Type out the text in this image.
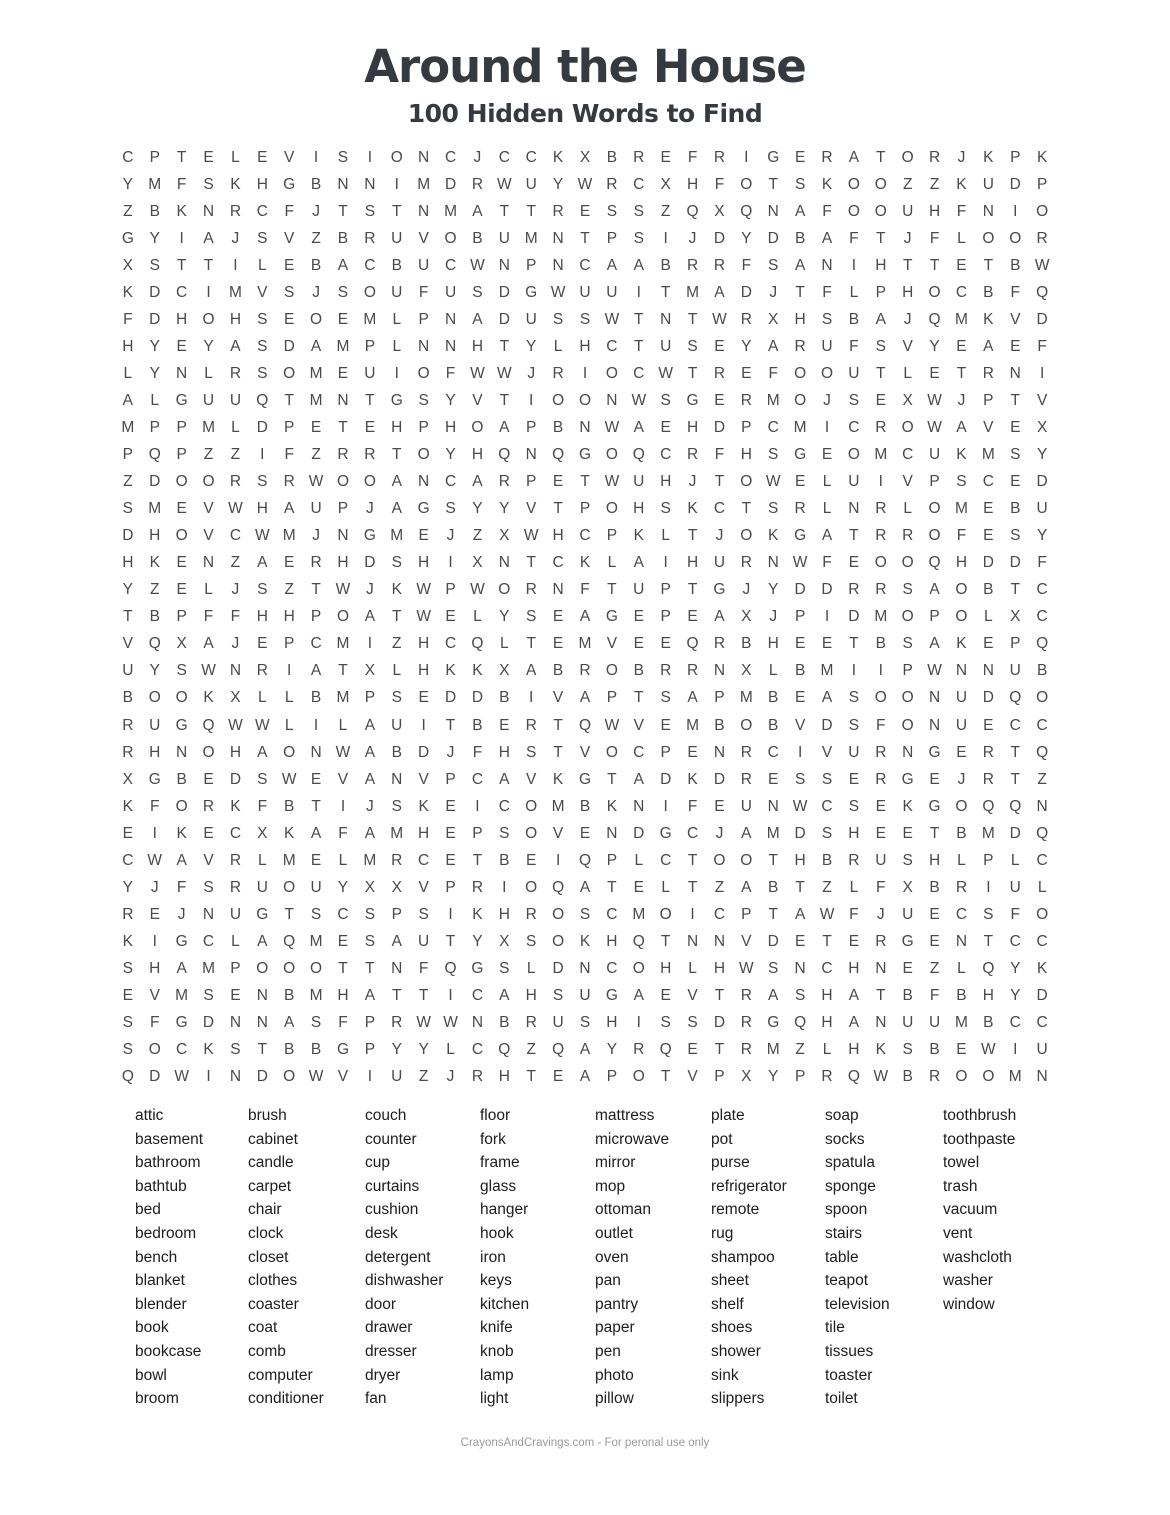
Around the House
100 Hidden Words to Find
C	P	T	E	L	E	V	I	S	I	O N	C	J	C	C	K	X	B	R	E	F	R	I	G	E	R	A	T	O R	J	K	P	K
Y M	F	S	K	H G	B	N	N	I	M D	R W U	Y W R	C	X	H	F	O	T	S	K	O O	Z	Z	K	U	D	P
Z	B	K	N	R	C	F	J	T	S	T	N M A	T	T	R	E	S	S	Z	Q	X	Q N	A	F	O O U	H	F	N	I	O
G	Y	I	A	J	S	V	Z	B	R	U	V	O	B	U M N	T	P	S	I	J	D	Y	D	B	A	F	T	J	F	L	O O R
X	S	T	T	I	L	E	B	A	C	B	U	C W N	P	N	C	A	A	B	R	R	F	S	A	N	I	H	T	T	E	T	B W
K	D	C	I	M V	S	J	S	O U	F	U	S	D G W U	U	I	T	M A	D	J	T	F	L	P	H O C	B	F	Q
F	D	H O H	S	E	O	E M	L	P	N	A	D	U	S	S W T	N	T W R	X	H	S	B	A	J	Q M K	V	D
H	Y	E	Y	A	S	D	A M P	L	N	N	H	T	Y	L	H	C	T	U	S	E	Y	A	R	U	F	S	V	Y	E	A	E	F
L	Y	N	L	R	S	O M E	U	I	O	F W W	J	R	I	O C W T	R	E	F	O O U	T	L	E	T	R	N	I
A	L	G U	U Q	T	M N	T	G	S	Y	V	T	I	O O N W S	G	E	R M O	J	S	E	X W	J	P	T	V
M P	P M	L	D	P	E	T	E	H	P	H O	A	P	B	N W A	E	H	D	P	C M	I	C	R O W A	V	E	X
P	Q	P	Z	Z	I	F	Z	R	R	T	O	Y	H Q N Q G O Q C	R	F	H	S	G	E	O M C	U	K M S	Y
Z	D O O R	S	R W O O	A	N	C	A	R	P	E	T W U	H	J	T	O W E	L	U	I	V	P	S	C	E	D
S M E	V W H	A	U	P	J	A	G	S	Y	Y	V	T	P	O H	S	K	C	T	S	R	L	N	R	L	O M E	B	U
D	H O	V	C W M	J	N G M E	J	Z	X W H	C	P	K	L	T	J	O	K	G	A	T	R	R O	F	E	S	Y
H	K	E	N	Z	A	E	R	H	D	S	H	I	X	N	T	C	K	L	A	I	H	U	R	N W F	E	O O Q H	D	D	F
Y	Z	E	L	J	S	Z	T W	J	K W P W O R	N	F	T	U	P	T	G	J	Y	D	D	R	R	S	A	O	B	T	C
T	B	P	F	F	H	H	P	O	A	T W E	L	Y	S	E	A	G	E	P	E	A	X	J	P	I	D M O	P	O	L	X	C
V	Q	X	A	J	E	P	C M	I	Z	H	C Q	L	T	E M V	E	E	Q R	B	H	E	E	T	B	S	A	K	E	P	Q
U	Y	S W N	R	I	A	T	X	L	H	K	K	X	A	B	R O	B	R	R	N	X	L	B M	I	I	P W N	N	U	B
B	O O	K	X	L	L	B M P	S	E	D	D	B	I	V	A	P	T	S	A	P M B	E	A	S	O O N	U	D Q O
R	U G Q W W L	I	L	A	U	I	T	B	E	R	T	Q W V	E M B	O	B	V	D	S	F	O N	U	E	C	C
R	H	N O H	A	O N W A	B	D	J	F	H	S	T	V	O C	P	E	N	R	C	I	V	U	R	N G	E	R	T	Q
X	G	B	E	D	S W E	V	A	N	V	P	C	A	V	K	G	T	A	D	K	D	R	E	S	S	E	R G	E	J	R	T	Z
K	F	O R	K	F	B	T	I	J	S	K	E	I	C O M B	K	N	I	F	E	U	N W C	S	E	K	G O Q Q N
E	I	K	E	C	X	K	A	F	A M H	E	P	S	O	V	E	N	D G C	J	A M D	S	H	E	E	T	B M D Q
C W A	V	R	L	M E	L	M R	C	E	T	B	E	I	Q	P	L	C	T	O O	T	H	B	R	U	S	H	L	P	L	C
Y	J	F	S	R	U O U	Y	X	X	V	P	R	I	O Q	A	T	E	L	T	Z	A	B	T	Z	L	F	X	B	R	I	U	L
R	E	J	N	U G	T	S	C	S	P	S	I	K	H	R O	S	C M O	I	C	P	T	A W F	J	U	E	C	S	F	O
K	I	G C	L	A	Q M E	S	A	U	T	Y	X	S	O	K	H Q	T	N	N	V	D	E	T	E	R G	E	N	T	C	C
S	H	A M P	O O O	T	T	N	F	Q G	S	L	D	N	C O H	L	H W S	N	C	H	N	E	Z	L	Q	Y	K
E	V M S	E	N	B M H	A	T	T	I	C	A	H	S	U G	A	E	V	T	R	A	S	H	A	T	B	F	B	H	Y	D
S	F	G D	N	N	A	S	F	P	R W W N	B	R	U	S	H	I	S	S	D	R G Q H	A	N	U	U M B	C	C
S	O C	K	S	T	B	B	G	P	Y	Y	L	C Q	Z	Q	A	Y	R Q	E	T	R M	Z	L	H	K	S	B	E W	I	U
Q D W	I	N	D O W V	I	U	Z	J	R	H	T	E	A	P	O	T	V	P	X	Y	P	R Q W B	R O O M N
attic
basement
bathroom
bathtub
bed
bedroom
bench
blanket
blender
book
bookcase
bowl
broom
brush
cabinet
candle
carpet
chair
clock
closet
clothes
coaster
coat
comb
computer
conditioner
couch
counter
cup
curtains
cushion
desk
detergent
dishwasher
door
drawer
dresser
dryer
fan
floor
fork
frame
glass
hanger
hook
iron
keys
kitchen
knife
knob
lamp
light
mattress
microwave
mirror
mop
ottoman
outlet
oven
pan
pantry
paper
pen
photo
pillow
plate
pot
purse
refrigerator
remote
rug
shampoo
sheet
shelf
shoes
shower
sink
slippers
soap
socks
spatula
sponge
spoon
stairs
table
teapot
television
tile
tissues
toaster
toilet
toothbrush
toothpaste
towel
trash
vacuum
vent
washcloth
washer
window
CrayonsAndCravings.com - For peronal use only
